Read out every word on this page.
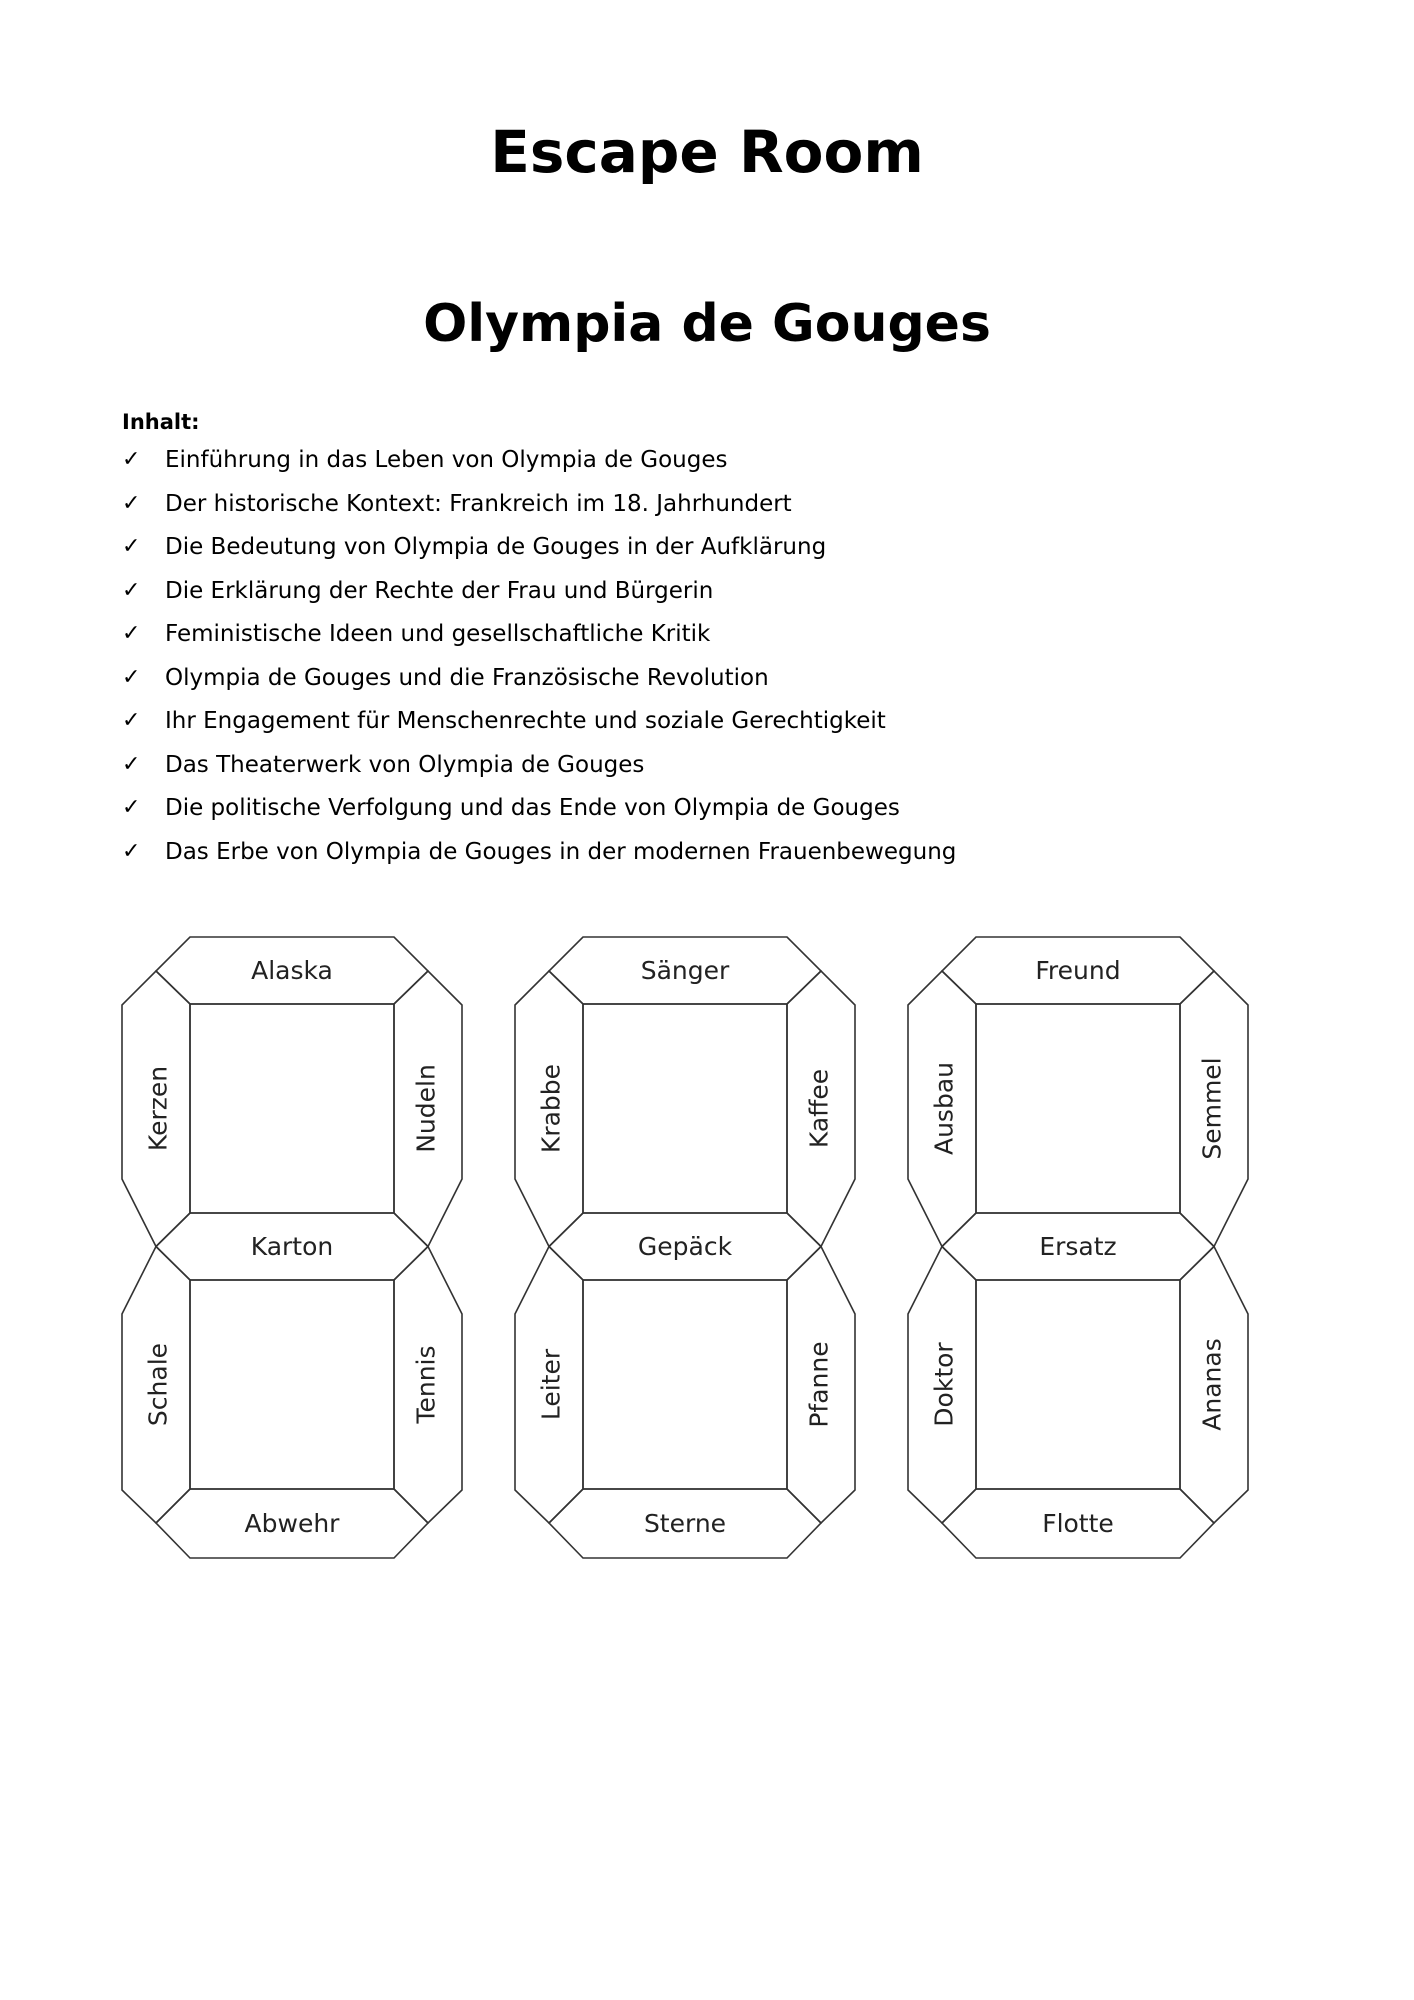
Escape Room
Olympia de Gouges
Inhalt:
✓ Einführung in das Leben von Olympia de Gouges
✓ Der historische Kontext: Frankreich im 18. Jahrhundert
✓ Die Bedeutung von Olympia de Gouges in der Aufklärung
✓ Die Erklärung der Rechte der Frau und Bürgerin
✓ Feministische Ideen und gesellschaftliche Kritik
✓ Olympia de Gouges und die Französische Revolution
✓ Ihr Engagement für Menschenrechte und soziale Gerechtigkeit
✓ Das Theaterwerk von Olympia de Gouges
✓ Die politische Verfolgung und das Ende von Olympia de Gouges
✓ Das Erbe von Olympia de Gouges in der modernen Frauenbewegung
Alaska
Karton
Abwehr
Kerzen	Nudeln
Schale	Tennis
Sänger
Gepäck
Sterne
Krabbe	Kaffee
Leiter	Pfanne
Freund
Ersatz
Flotte
Ausbau	Semmel
Doktor	Ananas
